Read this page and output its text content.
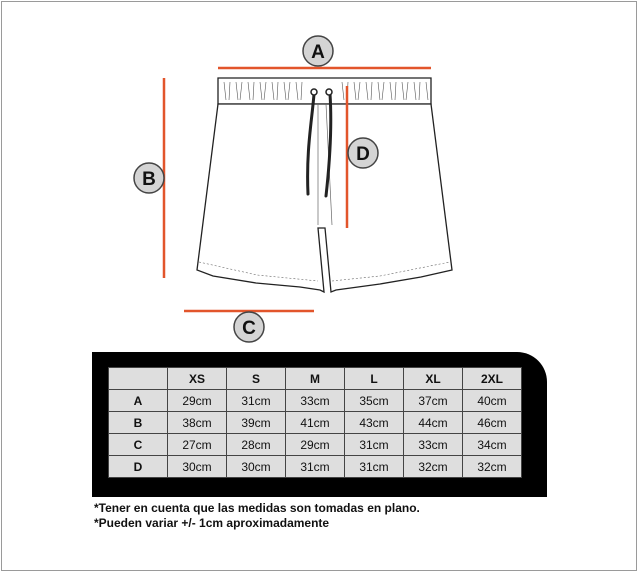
A
B
C
D
	XS	S	M	L	XL	2XL
A	29cm	31cm	33cm	35cm	37cm	40cm
B	38cm	39cm	41cm	43cm	44cm	46cm
C	27cm	28cm	29cm	31cm	33cm	34cm
D	30cm	30cm	31cm	31cm	32cm	32cm
*Tener en cuenta que las medidas son tomadas en plano.
*Pueden variar +/- 1cm aproximadamente
